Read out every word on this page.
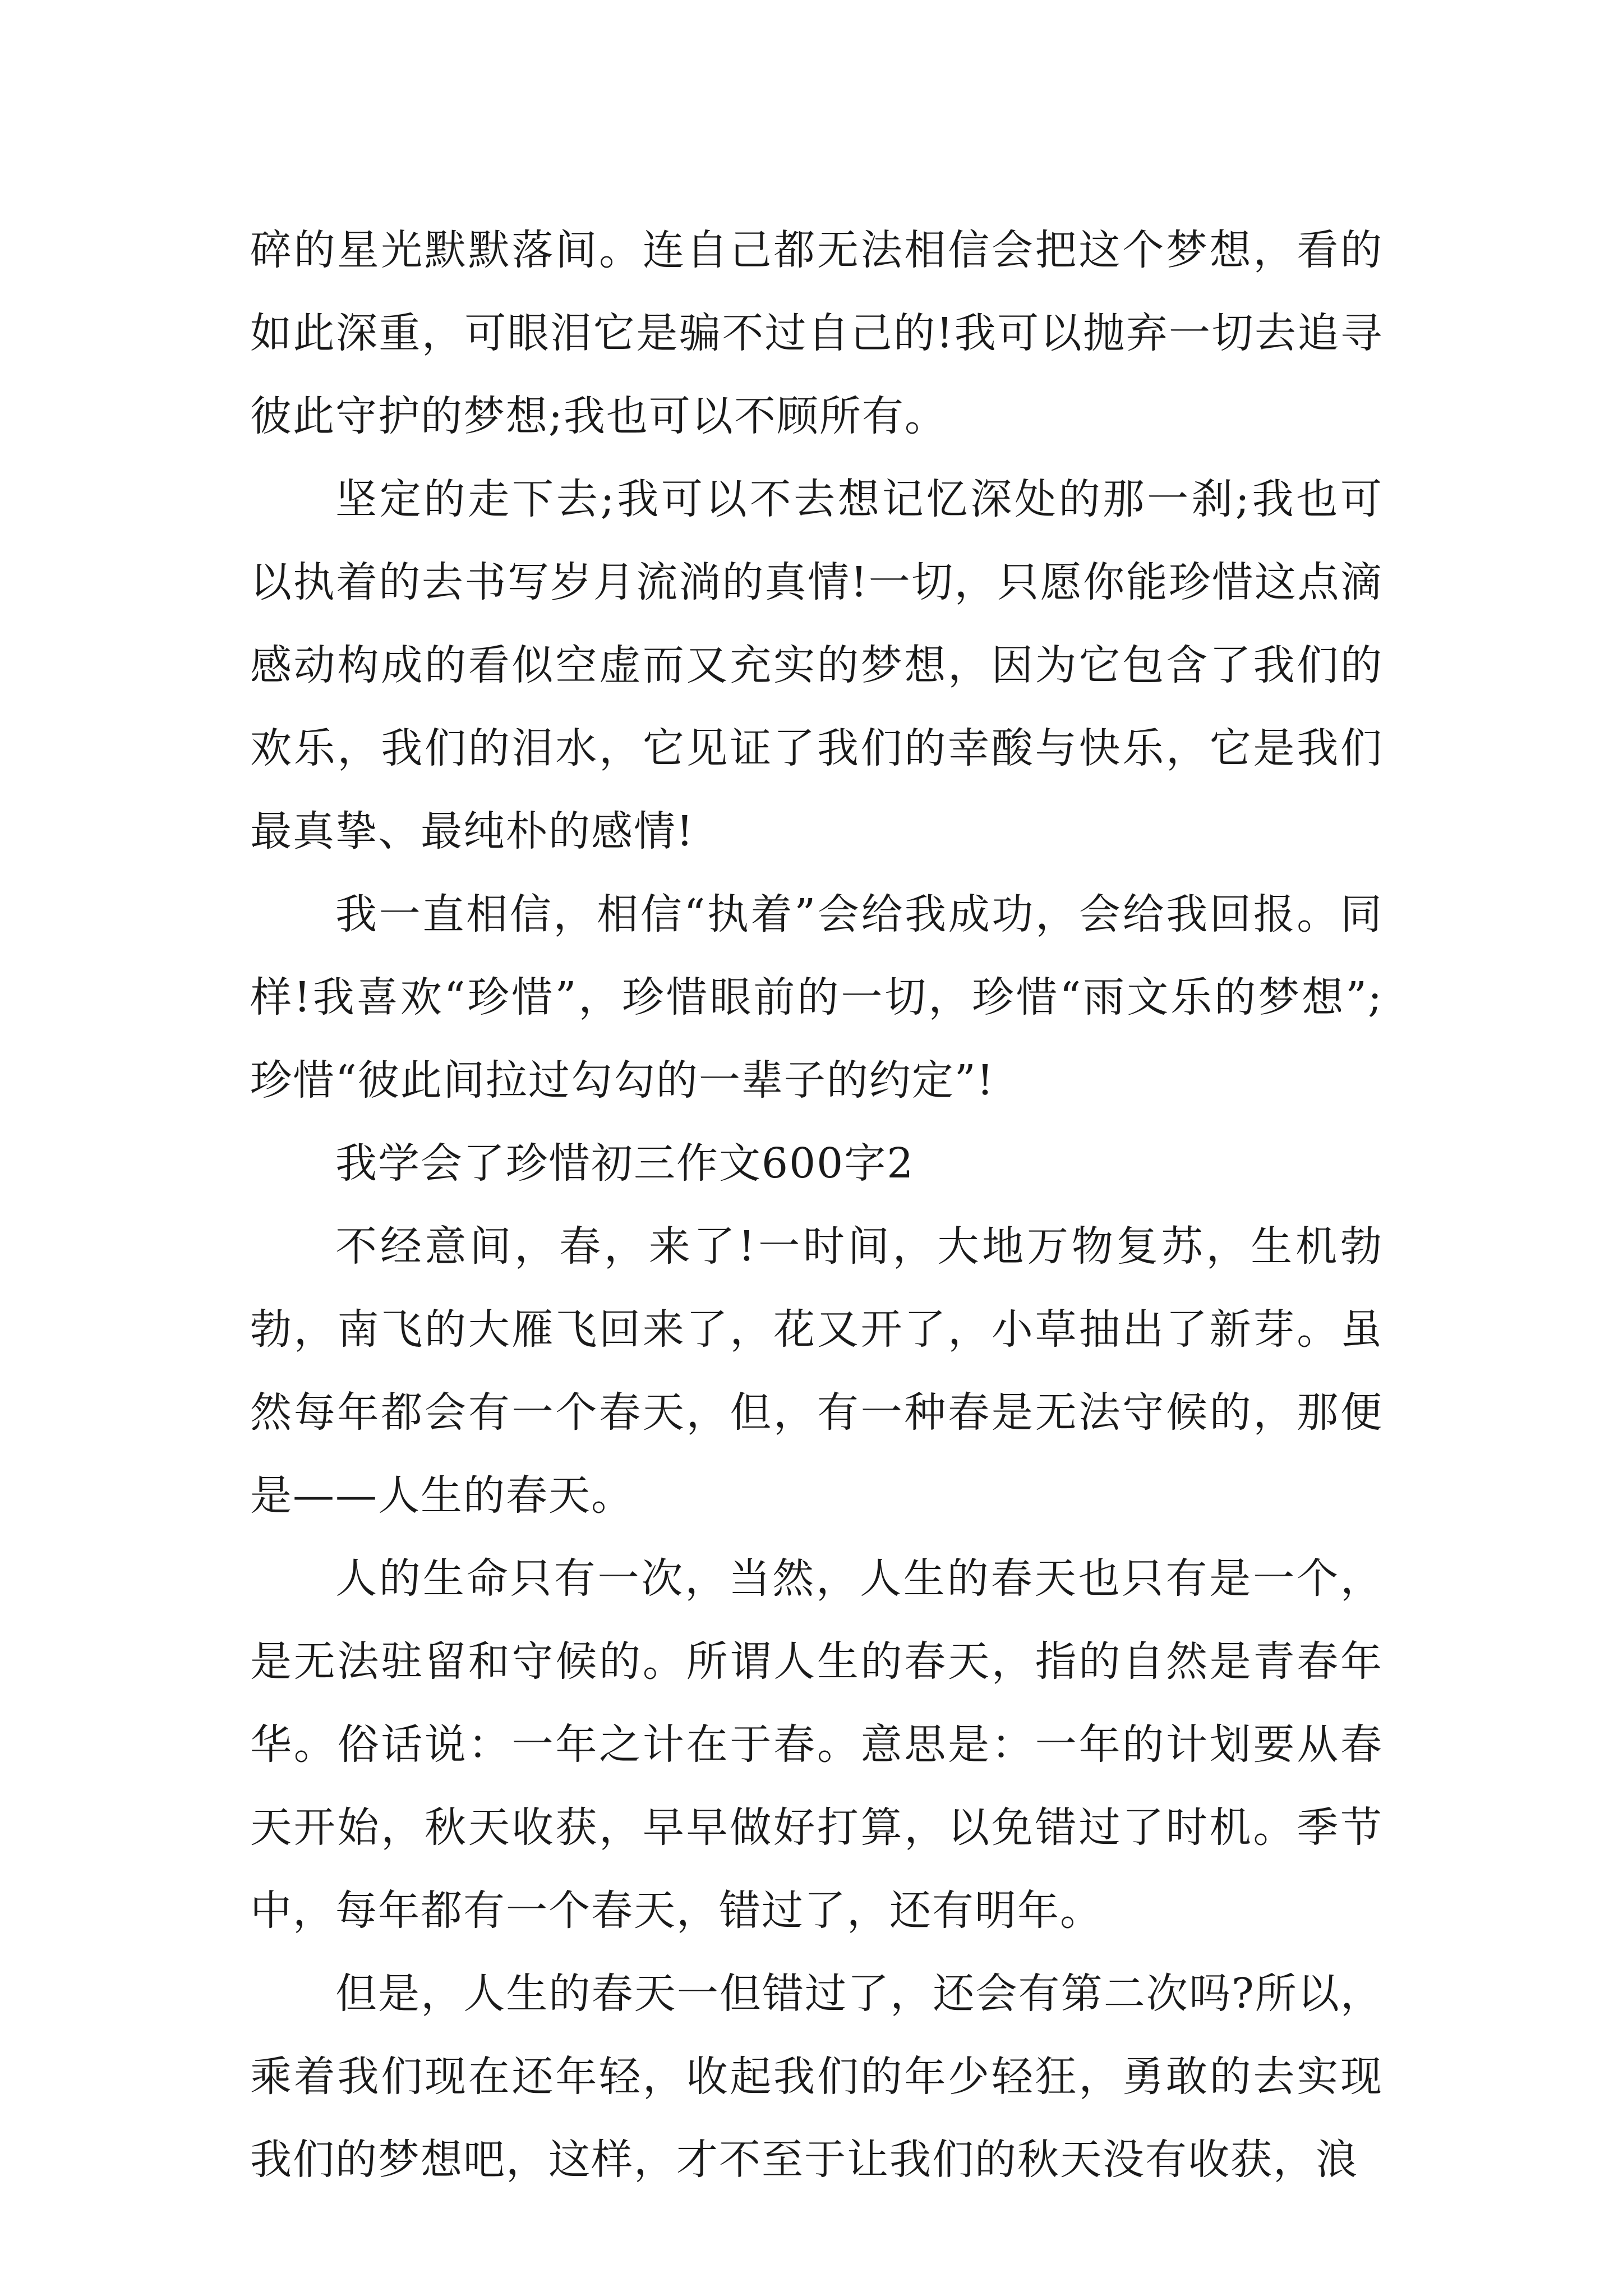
碎的星光默默落间。连自己都无法相信会把这个梦想，看的如此深重，可眼泪它是骗不过自己的!我可以抛弃一切去追寻彼此守护的梦想;我也可以不顾所有。

坚定的走下去;我可以不去想记忆深处的那一刹;我也可以执着的去书写岁月流淌的真情!一切，只愿你能珍惜这点滴感动构成的看似空虚而又充实的梦想，因为它包含了我们的欢乐，我们的泪水，它见证了我们的幸酸与快乐，它是我们最真挚、最纯朴的感情!

我一直相信，相信“执着”会给我成功，会给我回报。同样!我喜欢“珍惜”，珍惜眼前的一切，珍惜“雨文乐的梦想”;珍惜“彼此间拉过勾勾的一辈子的约定”!

我学会了珍惜初三作文600字2

不经意间，春，来了!一时间，大地万物复苏，生机勃勃，南飞的大雁飞回来了，花又开了，小草抽出了新芽。虽然每年都会有一个春天，但，有一种春是无法守候的，那便是——人生的春天。

人的生命只有一次，当然，人生的春天也只有是一个，是无法驻留和守候的。所谓人生的春天，指的自然是青春年华。俗话说：一年之计在于春。意思是：一年的计划要从春天开始，秋天收获，早早做好打算，以免错过了时机。季节中，每年都有一个春天，错过了，还有明年。

但是，人生的春天一但错过了，还会有第二次吗?所以，乘着我们现在还年轻，收起我们的年少轻狂，勇敢的去实现我们的梦想吧，这样，才不至于让我们的秋天没有收获，浪
